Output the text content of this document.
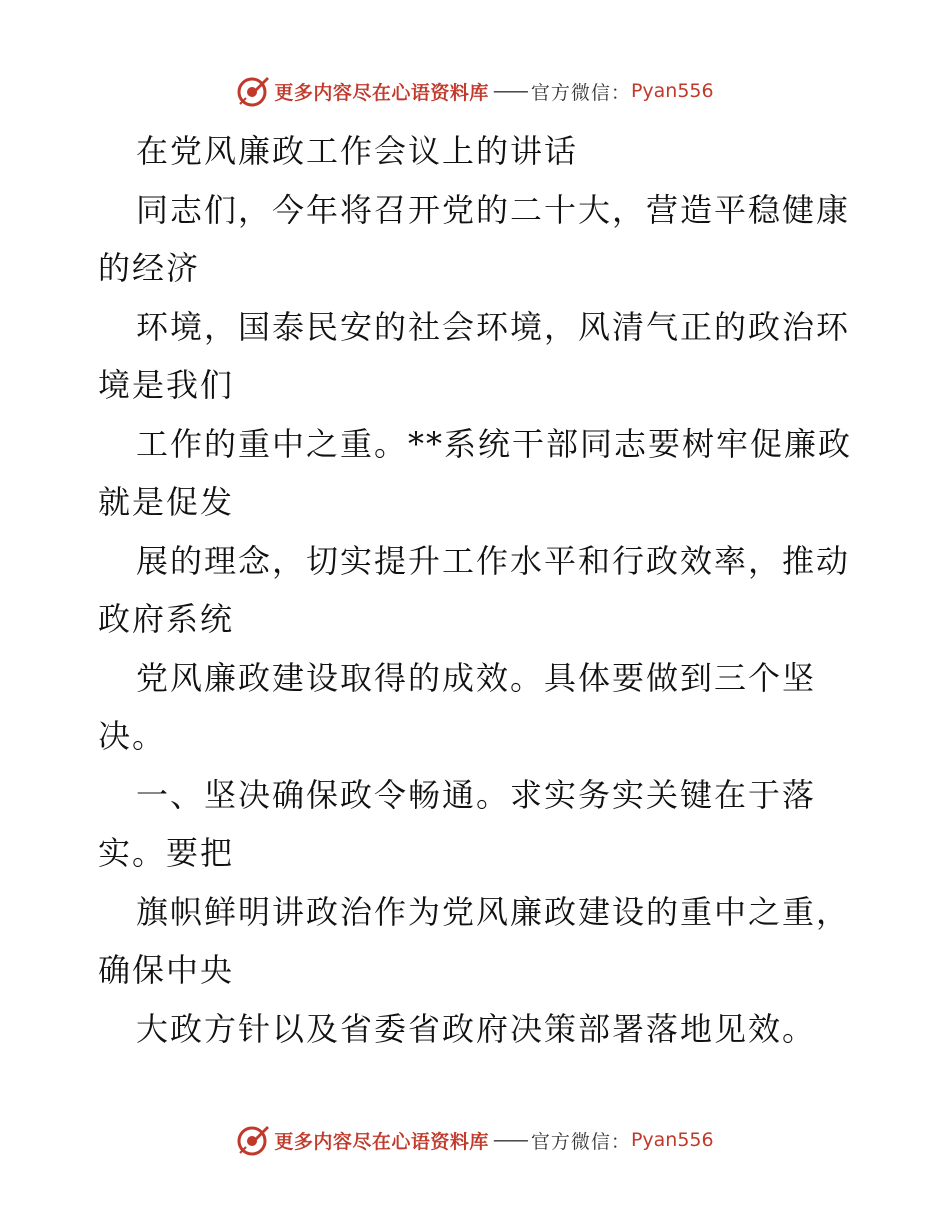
更多内容尽在心语资料库 —— 官方微信： Pyan556
在党风廉政工作会议上的讲话
同志们，今年将召开党的二十大，营造平稳健康
的经济
环境，国泰民安的社会环境，风清气正的政治环
境是我们
工作的重中之重。**系统干部同志要树牢促廉政
就是促发
展的理念，切实提升工作水平和行政效率，推动
政府系统
党风廉政建设取得的成效。具体要做到三个坚
决。
一、坚决确保政令畅通。求实务实关键在于落
实。要把
旗帜鲜明讲政治作为党风廉政建设的重中之重，
确保中央
大政方针以及省委省政府决策部署落地见效。
更多内容尽在心语资料库 —— 官方微信： Pyan556
